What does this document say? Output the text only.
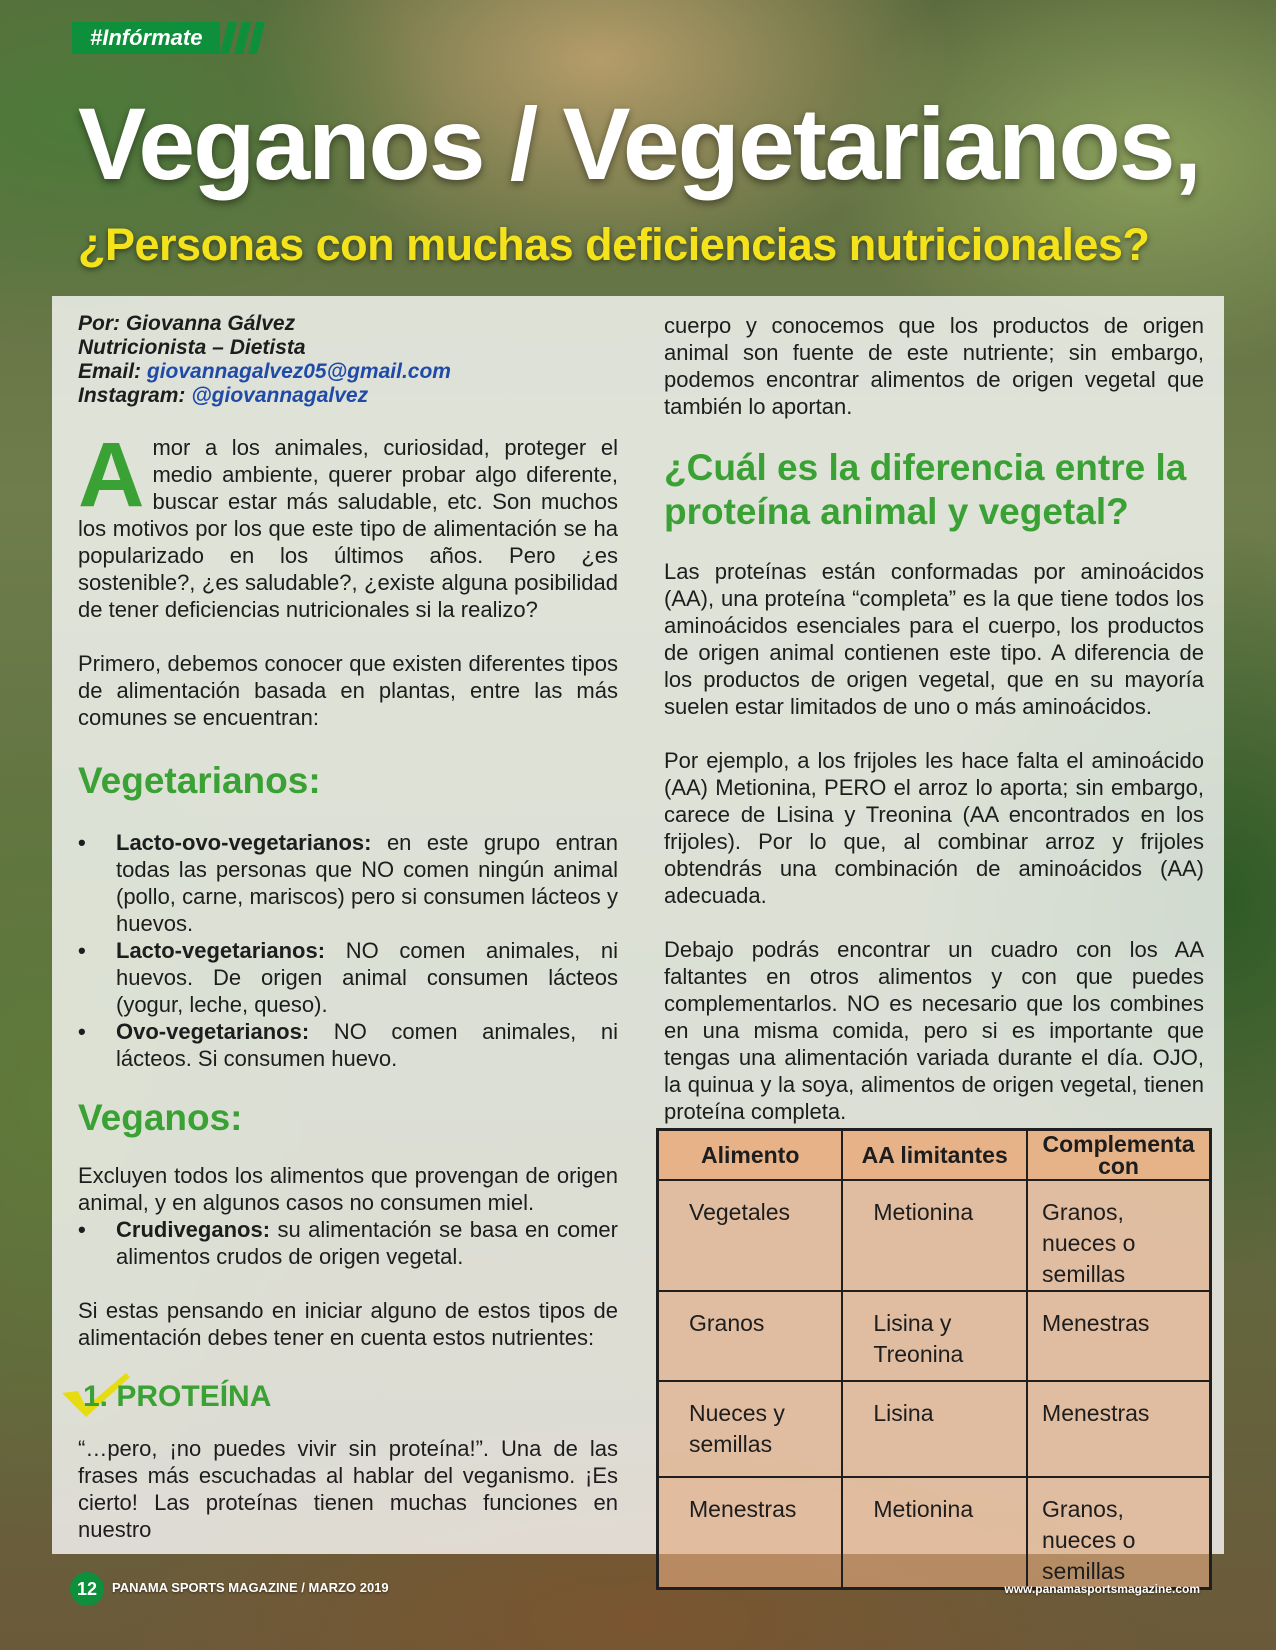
#Infórmate
Veganos / Vegetarianos,
¿Personas con muchas deficiencias nutricionales?
Por: Giovanna Gálvez
Nutricionista – Dietista
Email: giovannagalvez05@gmail.com
Instagram: @giovannagalvez

Amor a los animales, curiosidad, proteger el medio ambiente, querer probar algo diferente, buscar estar más saludable, etc. Son muchos los motivos por los que este tipo de alimentación se ha popularizado en los últimos años. Pero ¿es sostenible?, ¿es saludable?, ¿existe alguna posibilidad de tener deficiencias nutricionales si la realizo?

Primero, debemos conocer que existen diferentes tipos de alimentación basada en plantas, entre las más comunes se encuentran:

Vegetarianos:
• Lacto-ovo-vegetarianos: en este grupo entran todas las personas que NO comen ningún animal (pollo, carne, mariscos) pero si consumen lácteos y huevos.
• Lacto-vegetarianos: NO comen animales, ni huevos. De origen animal consumen lácteos (yogur, leche, queso).
• Ovo-vegetarianos: NO comen animales, ni lácteos. Si consumen huevo.
Veganos:

Excluyen todos los alimentos que provengan de origen animal, y en algunos casos no consumen miel.

• Crudiveganos: su alimentación se basa en comer alimentos crudos de origen vegetal.

Si estas pensando en iniciar alguno de estos tipos de alimentación debes tener en cuenta estos nutrientes:

1. PROTEÍNA

“…pero, ¡no puedes vivir sin proteína!”. Una de las frases más escuchadas al hablar del veganismo. ¡Es cierto! Las proteínas tienen muchas funciones en nuestro

cuerpo y conocemos que los productos de origen animal son fuente de este nutriente; sin embargo, podemos encontrar alimentos de origen vegetal que también lo aportan.

¿Cuál es la diferencia entre la proteína animal y vegetal?

Las proteínas están conformadas por aminoácidos (AA), una proteína “completa” es la que tiene todos los aminoácidos esenciales para el cuerpo, los productos de origen animal contienen este tipo. A diferencia de los productos de origen vegetal, que en su mayoría suelen estar limitados de uno o más aminoácidos.

Por ejemplo, a los frijoles les hace falta el aminoácido (AA) Metionina, PERO el arroz lo aporta; sin embargo, carece de Lisina y Treonina (AA encontrados en los frijoles). Por lo que, al combinar arroz y frijoles obtendrás una combinación de aminoácidos (AA) adecuada.

Debajo podrás encontrar un cuadro con los AA faltantes en otros alimentos y con que puedes complementarlos. NO es necesario que los combines en una misma comida, pero si es importante que tengas una alimentación variada durante el día. OJO, la quinua y la soya, alimentos de origen vegetal, tienen proteína completa.

Alimento	AA limitantes	Complementa con
Vegetales	Metionina	Granos, nueces o semillas
Granos	Lisina y Treonina	Menestras
Nueces y semillas	Lisina	Menestras
Menestras	Metionina	Granos, nueces o semillas
12	PANAMA SPORTS MAGAZINE / MARZO 2019	www.panamasportsmagazine.com
